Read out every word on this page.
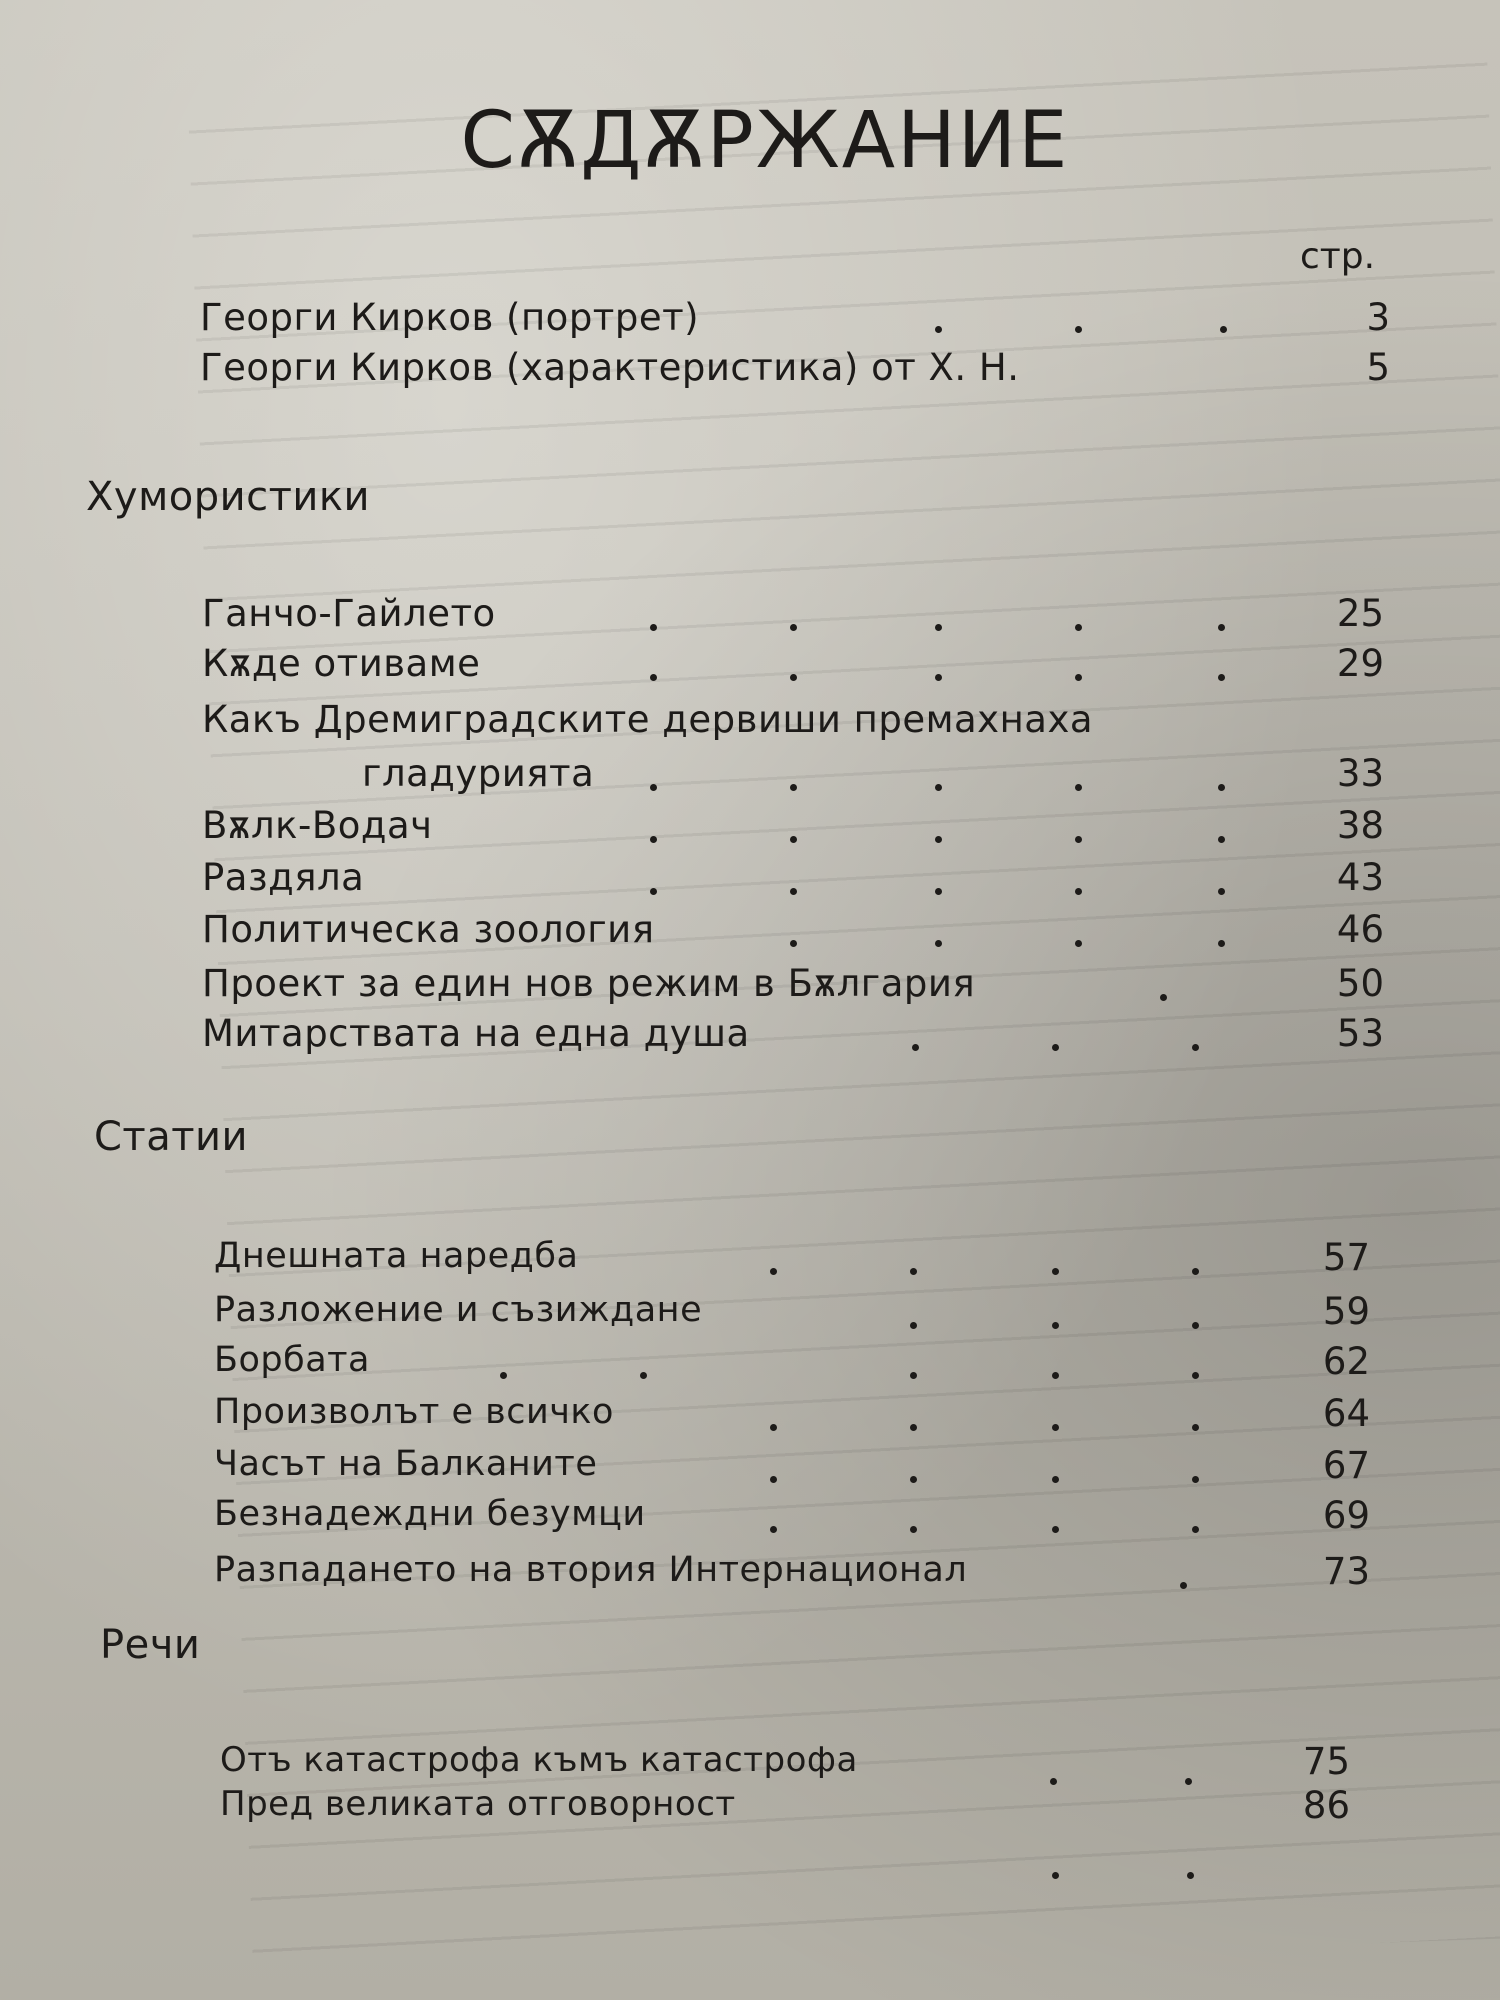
СѪДѪРЖАНИЕ
стр.
Георги Кирков (портрет)	3
Георги Кирков (характеристика) от Х. Н.	5
Хумористики
Ганчо-Гайлето	25
Кѫде отиваме	29
Какъ Дремиградските дервиши премахнаха
гладурията	33
Вѫлк-Водач	38
Раздяла	43
Политическа зоология	46
Проект за един нов режим в Бѫлгария	50
Митарствата на една душа	53
Статии
Днешната наредба	57
Разложение и съзиждане	59
Борбата	62
Произволът е всичко	64
Часът на Балканите	67
Безнадеждни безумци	69
Разпадането на втория Интернационал	73
Речи
Отъ катастрофа къмъ катастрофа	75
Пред великата отговорност	86
